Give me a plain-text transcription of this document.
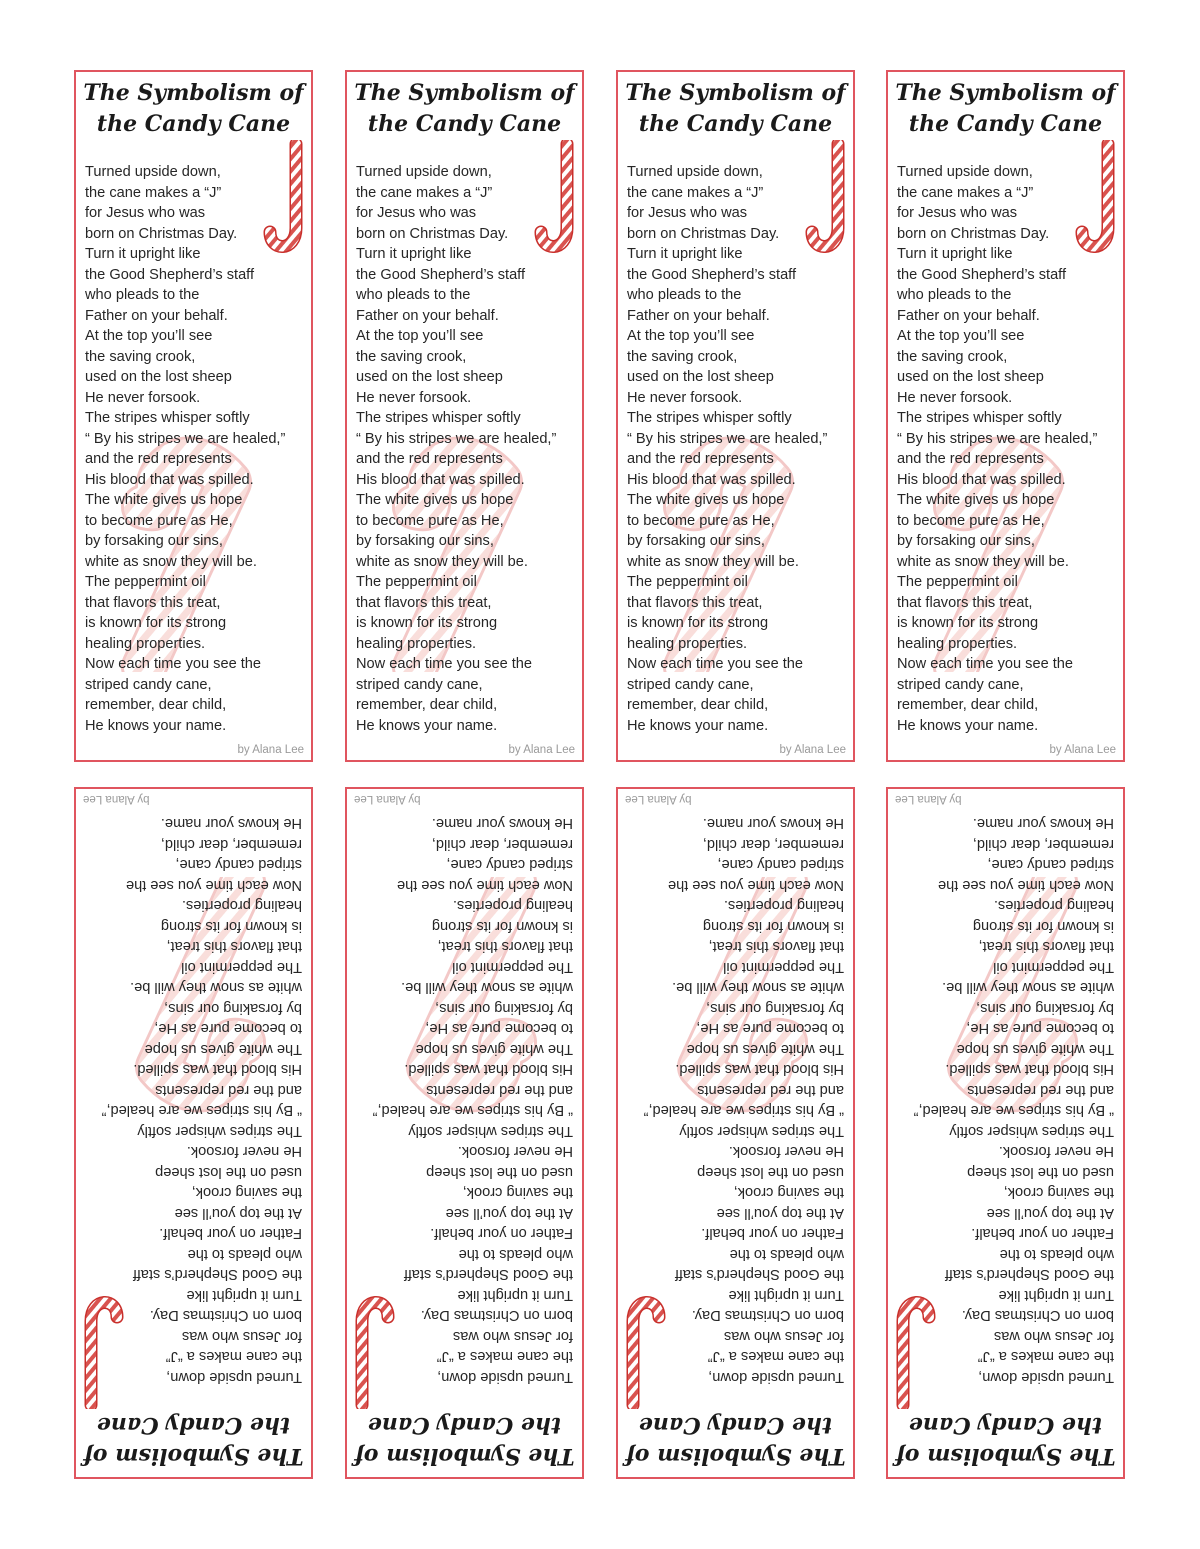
The Symbolism of
the Candy Cane
Turned upside down,
the cane makes a “J”
for Jesus who was
born on Christmas Day.
Turn it upright like
the Good Shepherd’s staff
who pleads to the
Father on your behalf.
At the top you’ll see
the saving crook,
used on the lost sheep
He never forsook.
The stripes whisper softly
“ By his stripes we are healed,”
and the red represents
His blood that was spilled.
The white gives us hope
to become pure as He,
by forsaking our sins,
white as snow they will be.
The peppermint oil
that flavors this treat,
is known for its strong
healing properties.
Now each time you see the
striped candy cane,
remember, dear child,
He knows your name.
by Alana Lee
The Symbolism of
the Candy Cane
Turned upside down,
the cane makes a “J”
for Jesus who was
born on Christmas Day.
Turn it upright like
the Good Shepherd’s staff
who pleads to the
Father on your behalf.
At the top you’ll see
the saving crook,
used on the lost sheep
He never forsook.
The stripes whisper softly
“ By his stripes we are healed,”
and the red represents
His blood that was spilled.
The white gives us hope
to become pure as He,
by forsaking our sins,
white as snow they will be.
The peppermint oil
that flavors this treat,
is known for its strong
healing properties.
Now each time you see the
striped candy cane,
remember, dear child,
He knows your name.
by Alana Lee
The Symbolism of
the Candy Cane
Turned upside down,
the cane makes a “J”
for Jesus who was
born on Christmas Day.
Turn it upright like
the Good Shepherd’s staff
who pleads to the
Father on your behalf.
At the top you’ll see
the saving crook,
used on the lost sheep
He never forsook.
The stripes whisper softly
“ By his stripes we are healed,”
and the red represents
His blood that was spilled.
The white gives us hope
to become pure as He,
by forsaking our sins,
white as snow they will be.
The peppermint oil
that flavors this treat,
is known for its strong
healing properties.
Now each time you see the
striped candy cane,
remember, dear child,
He knows your name.
by Alana Lee
The Symbolism of
the Candy Cane
Turned upside down,
the cane makes a “J”
for Jesus who was
born on Christmas Day.
Turn it upright like
the Good Shepherd’s staff
who pleads to the
Father on your behalf.
At the top you’ll see
the saving crook,
used on the lost sheep
He never forsook.
The stripes whisper softly
“ By his stripes we are healed,”
and the red represents
His blood that was spilled.
The white gives us hope
to become pure as He,
by forsaking our sins,
white as snow they will be.
The peppermint oil
that flavors this treat,
is known for its strong
healing properties.
Now each time you see the
striped candy cane,
remember, dear child,
He knows your name.
by Alana Lee
The Symbolism of
the Candy Cane
Turned upside down,
the cane makes a “J”
for Jesus who was
born on Christmas Day.
Turn it upright like
the Good Shepherd’s staff
who pleads to the
Father on your behalf.
At the top you’ll see
the saving crook,
used on the lost sheep
He never forsook.
The stripes whisper softly
“ By his stripes we are healed,”
and the red represents
His blood that was spilled.
The white gives us hope
to become pure as He,
by forsaking our sins,
white as snow they will be.
The peppermint oil
that flavors this treat,
is known for its strong
healing properties.
Now each time you see the
striped candy cane,
remember, dear child,
He knows your name.
by Alana Lee
The Symbolism of
the Candy Cane
Turned upside down,
the cane makes a “J”
for Jesus who was
born on Christmas Day.
Turn it upright like
the Good Shepherd’s staff
who pleads to the
Father on your behalf.
At the top you’ll see
the saving crook,
used on the lost sheep
He never forsook.
The stripes whisper softly
“ By his stripes we are healed,”
and the red represents
His blood that was spilled.
The white gives us hope
to become pure as He,
by forsaking our sins,
white as snow they will be.
The peppermint oil
that flavors this treat,
is known for its strong
healing properties.
Now each time you see the
striped candy cane,
remember, dear child,
He knows your name.
by Alana Lee
The Symbolism of
the Candy Cane
Turned upside down,
the cane makes a “J”
for Jesus who was
born on Christmas Day.
Turn it upright like
the Good Shepherd’s staff
who pleads to the
Father on your behalf.
At the top you’ll see
the saving crook,
used on the lost sheep
He never forsook.
The stripes whisper softly
“ By his stripes we are healed,”
and the red represents
His blood that was spilled.
The white gives us hope
to become pure as He,
by forsaking our sins,
white as snow they will be.
The peppermint oil
that flavors this treat,
is known for its strong
healing properties.
Now each time you see the
striped candy cane,
remember, dear child,
He knows your name.
by Alana Lee
The Symbolism of
the Candy Cane
Turned upside down,
the cane makes a “J”
for Jesus who was
born on Christmas Day.
Turn it upright like
the Good Shepherd’s staff
who pleads to the
Father on your behalf.
At the top you’ll see
the saving crook,
used on the lost sheep
He never forsook.
The stripes whisper softly
“ By his stripes we are healed,”
and the red represents
His blood that was spilled.
The white gives us hope
to become pure as He,
by forsaking our sins,
white as snow they will be.
The peppermint oil
that flavors this treat,
is known for its strong
healing properties.
Now each time you see the
striped candy cane,
remember, dear child,
He knows your name.
by Alana Lee
